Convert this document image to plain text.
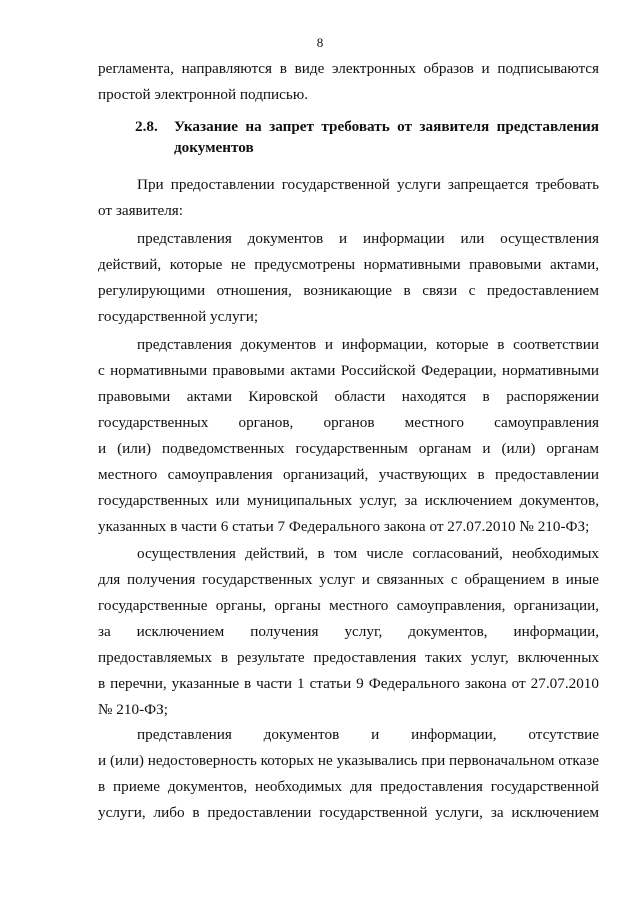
8
регламента, направляются в виде электронных образов и подписываются
простой электронной подписью.
2.8.	Указание на запрет требовать от заявителя представления
документов
При предоставлении государственной услуги запрещается требовать
от заявителя:
представления документов и информации или осуществления
действий, которые не предусмотрены нормативными правовыми актами,
регулирующими отношения, возникающие в связи с предоставлением
государственной услуги;
представления документов и информации, которые в соответствии
с нормативными правовыми актами Российской Федерации, нормативными
правовыми актами Кировской области находятся в распоряжении
государственных органов, органов местного самоуправления
и (или) подведомственных государственным органам и (или) органам
местного самоуправления организаций, участвующих в предоставлении
государственных или муниципальных услуг, за исключением документов,
указанных в части 6 статьи 7 Федерального закона от 27.07.2010 № 210-ФЗ;
осуществления действий, в том числе согласований, необходимых
для получения государственных услуг и связанных с обращением в иные
государственные органы, органы местного самоуправления, организации,
за исключением получения услуг, документов, информации,
предоставляемых в результате предоставления таких услуг, включенных
в перечни, указанные в части 1 статьи 9 Федерального закона от 27.07.2010
№ 210-ФЗ;
представления документов и информации, отсутствие
и (или) недостоверность которых не указывались при первоначальном отказе
в приеме документов, необходимых для предоставления государственной
услуги, либо в предоставлении государственной услуги, за исключением
